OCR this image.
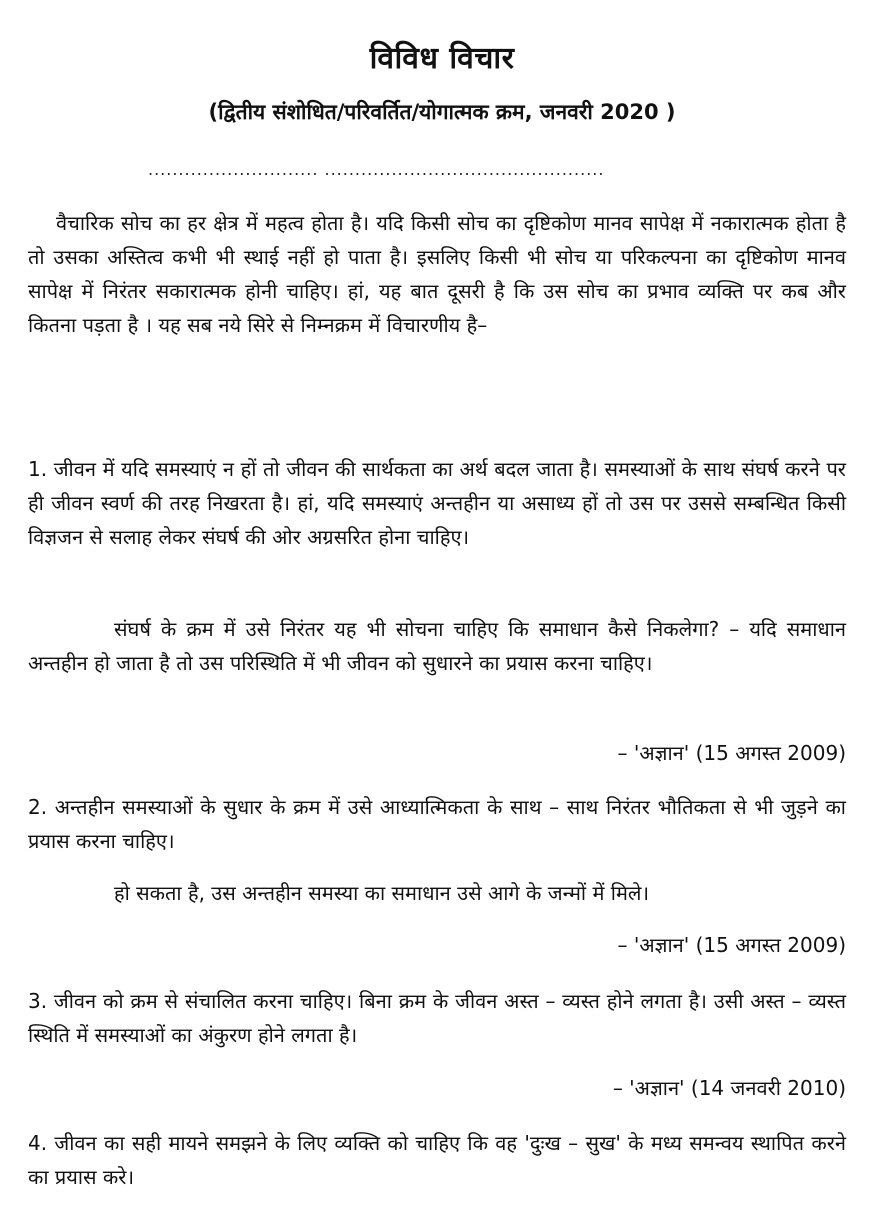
विविध विचार
(द्वितीय संशोधित/परिवर्तित/योगात्मक क्रम, जनवरी 2020 )
............................ ..............................................

वैचारिक सोच का हर क्षेत्र में महत्व होता है। यदि किसी सोच का दृष्टिकोण मानव सापेक्ष में नकारात्मक होता है तो उसका अस्तित्व कभी भी स्थाई नहीं हो पाता है। इसलिए किसी भी सोच या परिकल्पना का दृष्टिकोण मानव सापेक्ष में निरंतर सकारात्मक होनी चाहिए। हां, यह बात दूसरी है कि उस सोच का प्रभाव व्यक्ति पर कब और कितना पड़ता है । यह सब नये सिरे से निम्नक्रम में विचारणीय है–

1. जीवन में यदि समस्याएं न हों तो जीवन की सार्थकता का अर्थ बदल जाता है। समस्याओं के साथ संघर्ष करने पर ही जीवन स्वर्ण की तरह निखरता है। हां, यदि समस्याएं अन्तहीन या असाध्य हों तो उस पर उससे सम्बन्धित किसी विज्ञजन से सलाह लेकर संघर्ष की ओर अग्रसरित होना चाहिए।

संघर्ष के क्रम में उसे निरंतर यह भी सोचना चाहिए कि समाधान कैसे निकलेगा? – यदि समाधान अन्तहीन हो जाता है तो उस परिस्थिति में भी जीवन को सुधारने का प्रयास करना चाहिए।

– 'अज्ञान' (15 अगस्त 2009)

2. अन्तहीन समस्याओं के सुधार के क्रम में उसे आध्यात्मिकता के साथ – साथ निरंतर भौतिकता से भी जुड़ने का प्रयास करना चाहिए।

हो सकता है, उस अन्तहीन समस्या का समाधान उसे आगे के जन्मों में मिले।

– 'अज्ञान' (15 अगस्त 2009)

3. जीवन को क्रम से संचालित करना चाहिए। बिना क्रम के जीवन अस्त – व्यस्त होने लगता है। उसी अस्त – व्यस्त स्थिति में समस्याओं का अंकुरण होने लगता है।

– 'अज्ञान' (14 जनवरी 2010)

4. जीवन का सही मायने समझने के लिए व्यक्ति को चाहिए कि वह 'दुःख – सुख' के मध्य समन्वय स्थापित करने का प्रयास करे।
